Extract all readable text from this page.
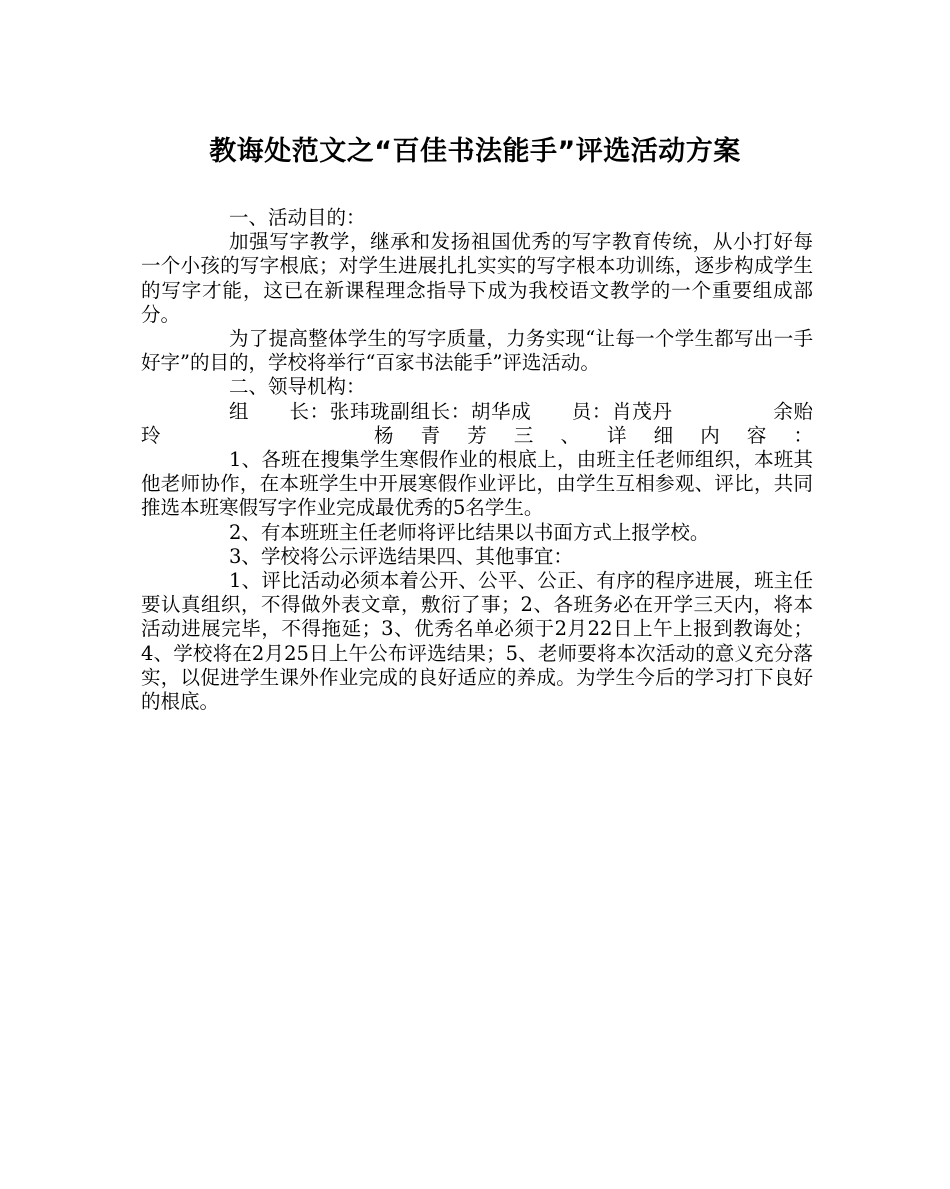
教诲处范文之“百佳书法能手”评选活动方案

一、活动目的：

加强写字教学，继承和发扬祖国优秀的写字教育传统，从小打好每一个小孩的写字根底；对学生进展扎扎实实的写字根本功训练，逐步构成学生的写字才能，这已在新课程理念指导下成为我校语文教学的一个重要组成部分。

为了提高整体学生的写字质量，力务实现“让每一个学生都写出一手好字”的目的，学校将举行“百家书法能手”评选活动。

二、领导机构：

组　　长：张玮珑副组长：胡华成　　员：肖茂丹　　　　　余贻玲　　　　杨青芳三、详细内容：

1、各班在搜集学生寒假作业的根底上，由班主任老师组织，本班其他老师协作，在本班学生中开展寒假作业评比，由学生互相参观、评比，共同推选本班寒假写字作业完成最优秀的5名学生。

2、有本班班主任老师将评比结果以书面方式上报学校。

3、学校将公示评选结果四、其他事宜：

1、评比活动必须本着公开、公平、公正、有序的程序进展，班主任要认真组织，不得做外表文章，敷衍了事；2、各班务必在开学三天内，将本活动进展完毕，不得拖延；3、优秀名单必须于2月22日上午上报到教诲处；4、学校将在2月25日上午公布评选结果；5、老师要将本次活动的意义充分落实，以促进学生课外作业完成的良好适应的养成。为学生今后的学习打下良好的根底。
